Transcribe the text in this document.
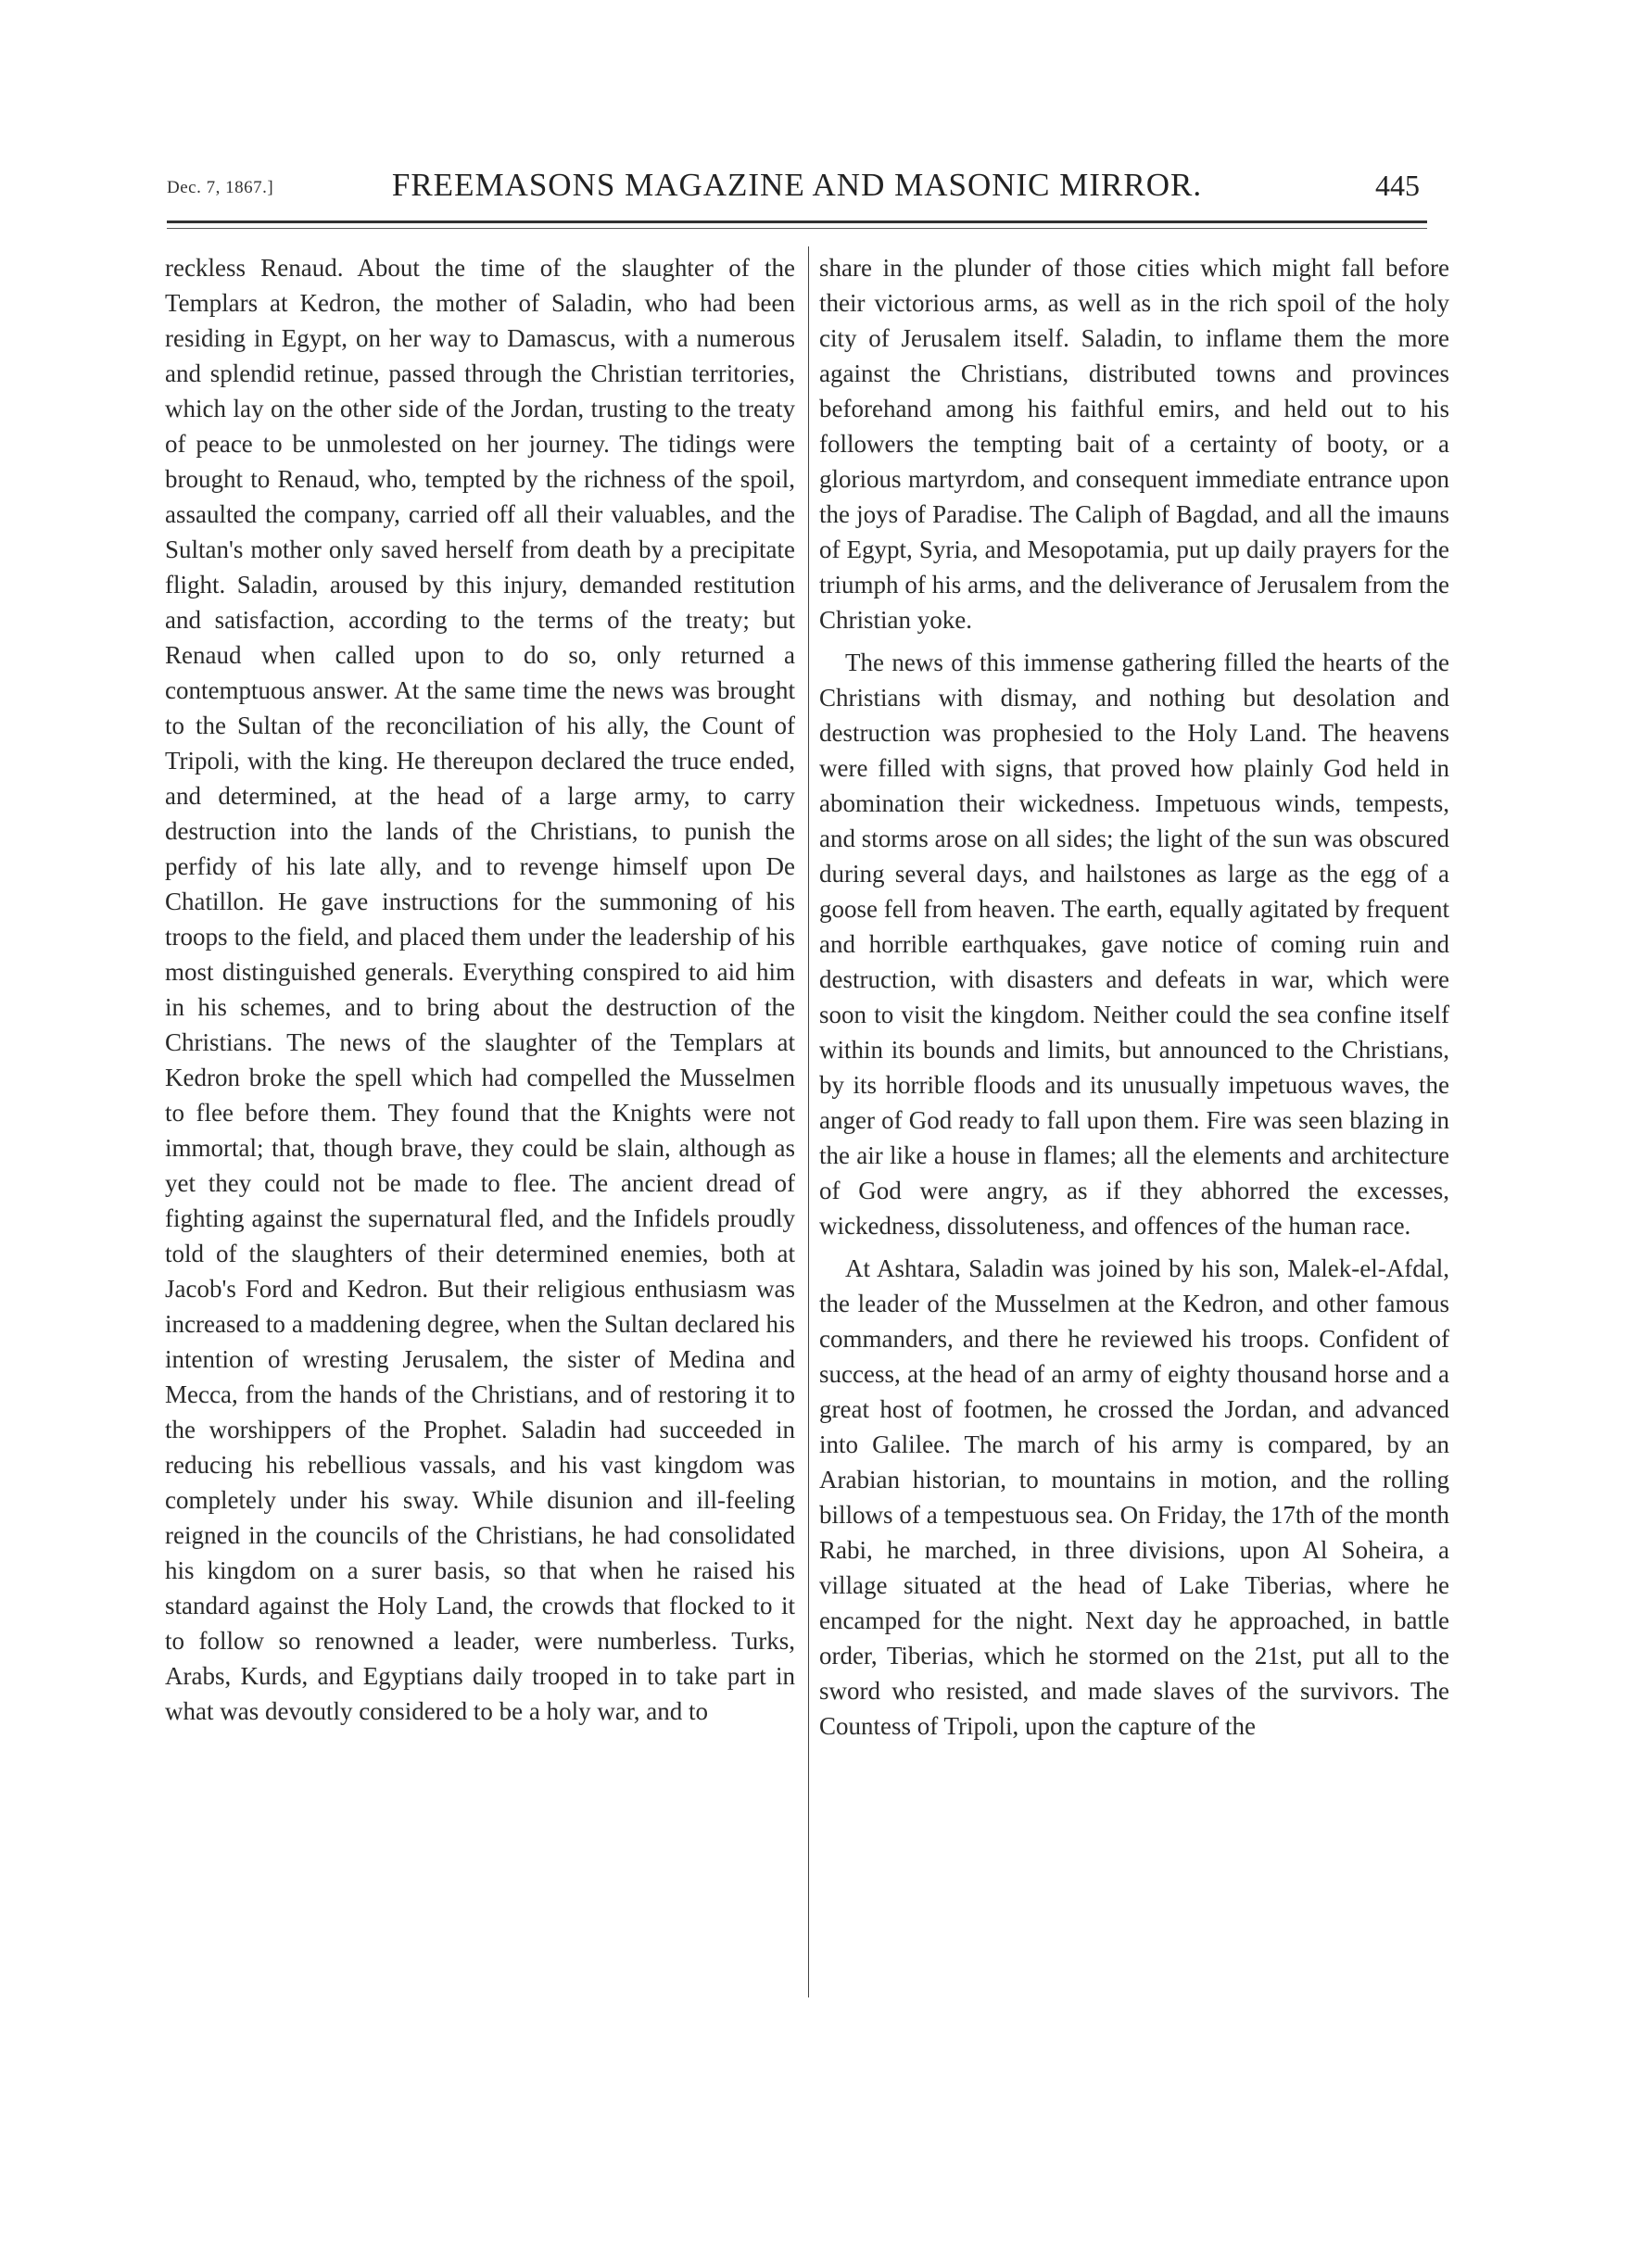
Dec. 7, 1867.]	FREEMASONS MAGAZINE AND MASONIC MIRROR.	445

reckless Renaud. About the time of the slaughter of the Templars at Kedron, the mother of Saladin, who had been residing in Egypt, on her way to Damascus, with a numerous and splendid retinue, passed through the Christian territories, which lay on the other side of the Jordan, trusting to the treaty of peace to be unmolested on her journey. The tidings were brought to Renaud, who, tempted by the richness of the spoil, assaulted the company, carried off all their valuables, and the Sultan's mother only saved herself from death by a precipitate flight. Saladin, aroused by this injury, demanded restitution and satisfaction, according to the terms of the treaty; but Renaud when called upon to do so, only returned a contemptuous answer. At the same time the news was brought to the Sultan of the reconciliation of his ally, the Count of Tripoli, with the king. He thereupon declared the truce ended, and determined, at the head of a large army, to carry destruction into the lands of the Christians, to punish the perfidy of his late ally, and to revenge himself upon De Chatillon. He gave instructions for the summoning of his troops to the field, and placed them under the leadership of his most distinguished generals. Everything conspired to aid him in his schemes, and to bring about the destruction of the Christians. The news of the slaughter of the Templars at Kedron broke the spell which had compelled the Musselmen to flee before them. They found that the Knights were not immortal; that, though brave, they could be slain, although as yet they could not be made to flee. The ancient dread of fighting against the supernatural fled, and the Infidels proudly told of the slaughters of their determined enemies, both at Jacob's Ford and Kedron. But their religious enthusiasm was increased to a maddening degree, when the Sultan declared his intention of wresting Jerusalem, the sister of Medina and Mecca, from the hands of the Christians, and of restoring it to the worshippers of the Prophet. Saladin had succeeded in reducing his rebellious vassals, and his vast kingdom was completely under his sway. While disunion and ill-feeling reigned in the councils of the Christians, he had consolidated his kingdom on a surer basis, so that when he raised his standard against the Holy Land, the crowds that flocked to it to follow so renowned a leader, were numberless. Turks, Arabs, Kurds, and Egyptians daily trooped in to take part in what was devoutly considered to be a holy war, and to

share in the plunder of those cities which might fall before their victorious arms, as well as in the rich spoil of the holy city of Jerusalem itself. Saladin, to inflame them the more against the Christians, distributed towns and provinces beforehand among his faithful emirs, and held out to his followers the tempting bait of a certainty of booty, or a glorious martyrdom, and consequent immediate entrance upon the joys of Paradise. The Caliph of Bagdad, and all the imauns of Egypt, Syria, and Mesopotamia, put up daily prayers for the triumph of his arms, and the deliverance of Jerusalem from the Christian yoke.

The news of this immense gathering filled the hearts of the Christians with dismay, and nothing but desolation and destruction was prophesied to the Holy Land. The heavens were filled with signs, that proved how plainly God held in abomination their wickedness. Impetuous winds, tempests, and storms arose on all sides; the light of the sun was obscured during several days, and hailstones as large as the egg of a goose fell from heaven. The earth, equally agitated by frequent and horrible earthquakes, gave notice of coming ruin and destruction, with disasters and defeats in war, which were soon to visit the kingdom. Neither could the sea confine itself within its bounds and limits, but announced to the Christians, by its horrible floods and its unusually impetuous waves, the anger of God ready to fall upon them. Fire was seen blazing in the air like a house in flames; all the elements and architecture of God were angry, as if they abhorred the excesses, wickedness, dissoluteness, and offences of the human race.

At Ashtara, Saladin was joined by his son, Malek-el-Afdal, the leader of the Musselmen at the Kedron, and other famous commanders, and there he reviewed his troops. Confident of success, at the head of an army of eighty thousand horse and a great host of footmen, he crossed the Jordan, and advanced into Galilee. The march of his army is compared, by an Arabian historian, to mountains in motion, and the rolling billows of a tempestuous sea. On Friday, the 17th of the month Rabi, he marched, in three divisions, upon Al Soheira, a village situated at the head of Lake Tiberias, where he encamped for the night. Next day he approached, in battle order, Tiberias, which he stormed on the 21st, put all to the sword who resisted, and made slaves of the survivors. The Countess of Tripoli, upon the capture of the
